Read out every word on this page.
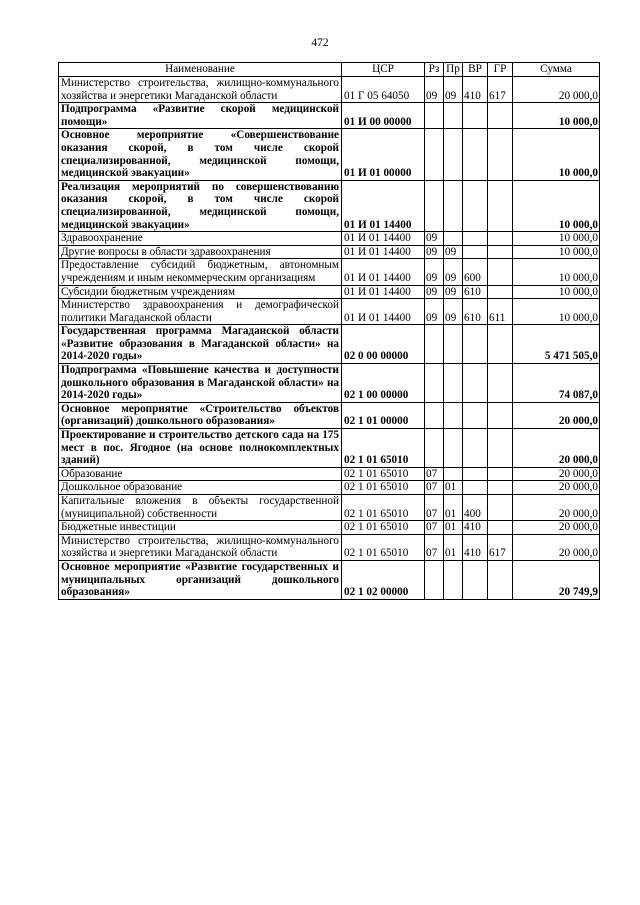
472
Наименование	ЦСР	Рз	Пр	ВР	ГР	Сумма
Министерство строительства, жилищно-коммунального хозяйства и энергетики Магаданской области	01 Г 05 64050	09	09	410	617	20 000,0
Подпрограмма «Развитие скорой медицинской помощи»	01 И 00 00000					10 000,0
Основное мероприятие «Совершенствование оказания скорой, в том числе скорой специализированной, медицинской помощи, медицинской эвакуации»	01 И 01 00000					10 000,0
Реализация мероприятий по совершенствованию оказания скорой, в том числе скорой специализированной, медицинской помощи, медицинской эвакуации»	01 И 01 14400					10 000,0
Здравоохранение	01 И 01 14400	09				10 000,0
Другие вопросы в области здравоохранения	01 И 01 14400	09	09			10 000,0
Предоставление субсидий бюджетным, автономным учреждениям и иным некоммерческим организациям	01 И 01 14400	09	09	600		10 000,0
Субсидии бюджетным учреждениям	01 И 01 14400	09	09	610		10 000,0
Министерство здравоохранения и демографической политики Магаданской области	01 И 01 14400	09	09	610	611	10 000,0
Государственная программа Магаданской области «Развитие образования в Магаданской области» на 2014-2020 годы»	02 0 00 00000					5 471 505,0
Подпрограмма «Повышение качества и доступности дошкольного образования в Магаданской области» на 2014-2020 годы»	02 1 00 00000					74 087,0
Основное мероприятие «Строительство объектов (организаций) дошкольного образования»	02 1 01 00000					20 000,0
Проектирование и строительство детского сада на 175 мест в пос. Ягодное (на основе полнокомплектных зданий)	02 1 01 65010					20 000,0
Образование	02 1 01 65010	07				20 000,0
Дошкольное образование	02 1 01 65010	07	01			20 000,0
Капитальные вложения в объекты государственной (муниципальной) собственности	02 1 01 65010	07	01	400		20 000,0
Бюджетные инвестиции	02 1 01 65010	07	01	410		20 000,0
Министерство строительства, жилищно-коммунального хозяйства и энергетики Магаданской области	02 1 01 65010	07	01	410	617	20 000,0
Основное мероприятие «Развитие государственных и муниципальных организаций дошкольного образования»	02 1 02 00000					20 749,9
